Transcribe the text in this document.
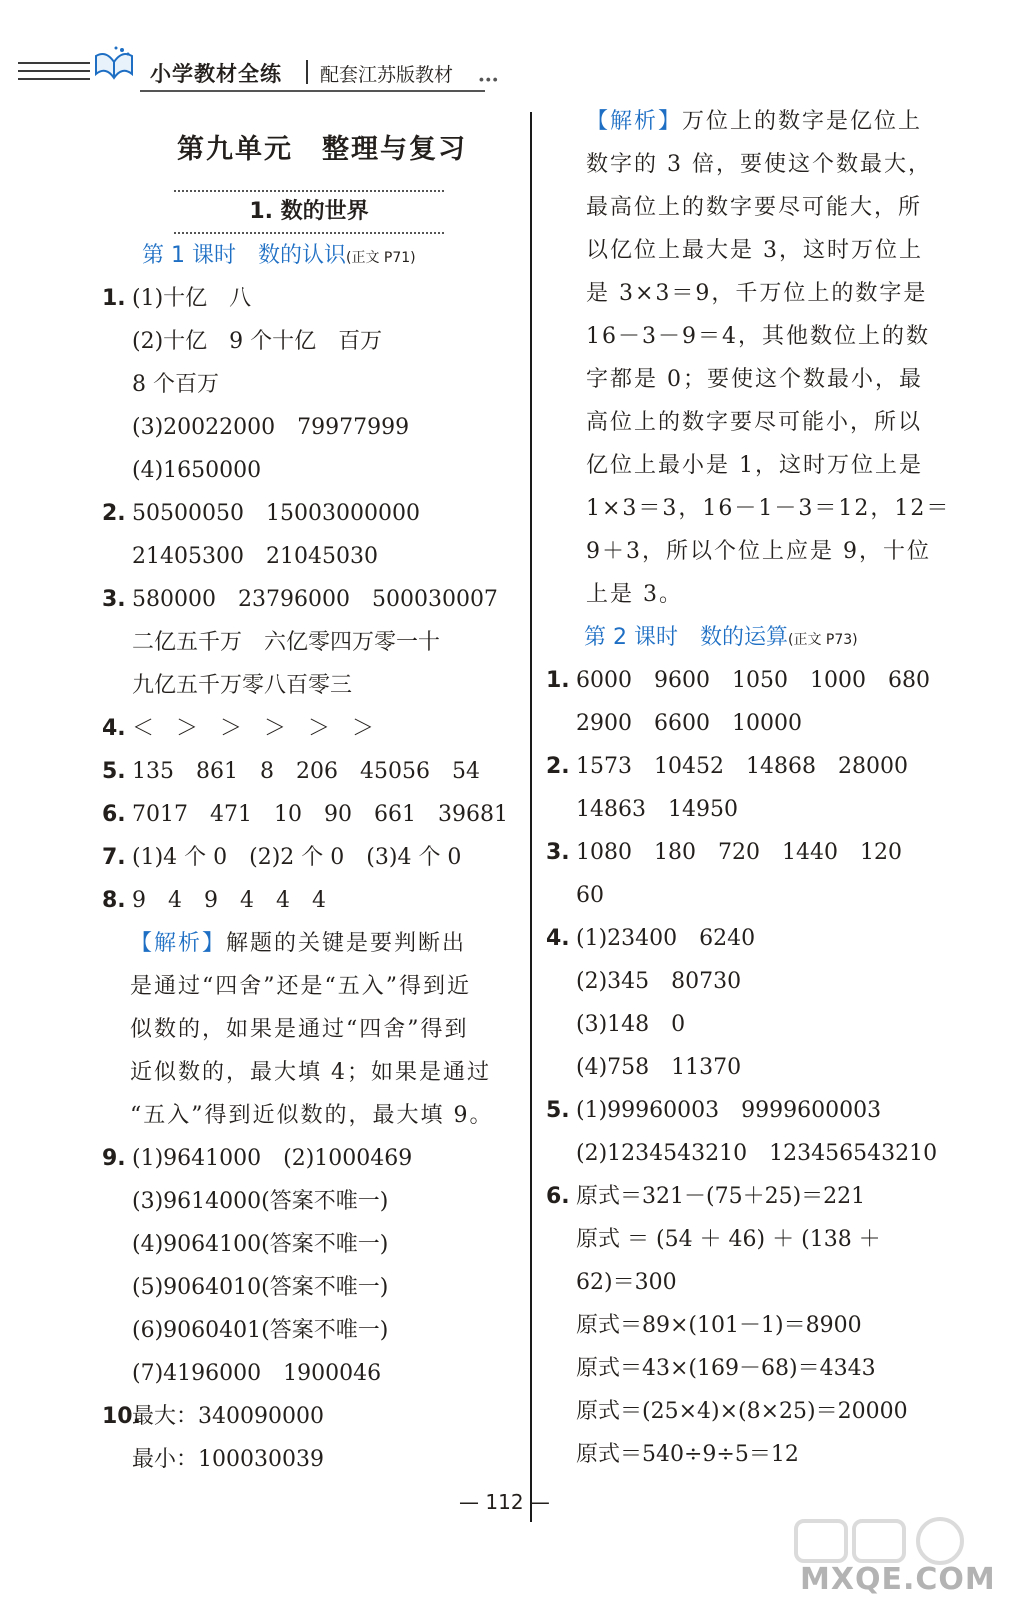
小学教材全练 配套江苏版教材 ∙∙∙
第九单元　整理与复习
1. 数的世界
第 1 课时　数的认识(正文 P71)
1. (1)十亿　八
(2)十亿　9 个十亿　百万
8 个百万
(3)20022000　79977999
(4)1650000
2. 50500050　15003000000
21405300　21045030
3. 580000　23796000　500030007
二亿五千万　六亿零四万零一十
九亿五千万零八百零三
4. ＜　＞　＞　＞　＞　＞
5. 135　861　8　206　45056　54
6. 7017　471　10　90　661　39681
7. (1)4 个 0　(2)2 个 0　(3)4 个 0
8. 9　4　9　4　4　4
【解析】解题的关键是要判断出
是通过“四舍”还是“五入”得到近
似数的，如果是通过“四舍”得到
近似数的，最大填 4；如果是通过
“五入”得到近似数的，最大填 9。
9. (1)9641000　(2)1000469
(3)9614000(答案不唯一)
(4)9064100(答案不唯一)
(5)9064010(答案不唯一)
(6)9060401(答案不唯一)
(7)4196000　1900046
10.最大：340090000
最小：100030039
【解析】万位上的数字是亿位上
数字的 3 倍，要使这个数最大，
最高位上的数字要尽可能大，所
以亿位上最大是 3，这时万位上
是 3×3＝9，千万位上的数字是
16－3－9＝4，其他数位上的数
字都是 0；要使这个数最小，最
高位上的数字要尽可能小，所以
亿位上最小是 1，这时万位上是
1×3＝3，16－1－3＝12，12＝
9＋3，所以个位上应是 9，十位
上是 3。
第 2 课时　数的运算(正文 P73)
1. 6000　9600　1050　1000　680
2900　6600　10000
2. 1573　10452　14868　28000
14863　14950
3. 1080　180　720　1440　120
60
4. (1)23400　6240
(2)345　80730
(3)148　0
(4)758　11370
5. (1)99960003　9999600003
(2)1234543210　123456543210
6. 原式＝321－(75＋25)＝221
原式 ＝ (54 ＋ 46) ＋ (138 ＋
62)＝300
原式＝89×(101－1)＝8900
原式＝43×(169－68)＝4343
原式＝(25×4)×(8×25)＝20000
原式＝540÷9÷5＝12
— 112 —
MXQE.COM
